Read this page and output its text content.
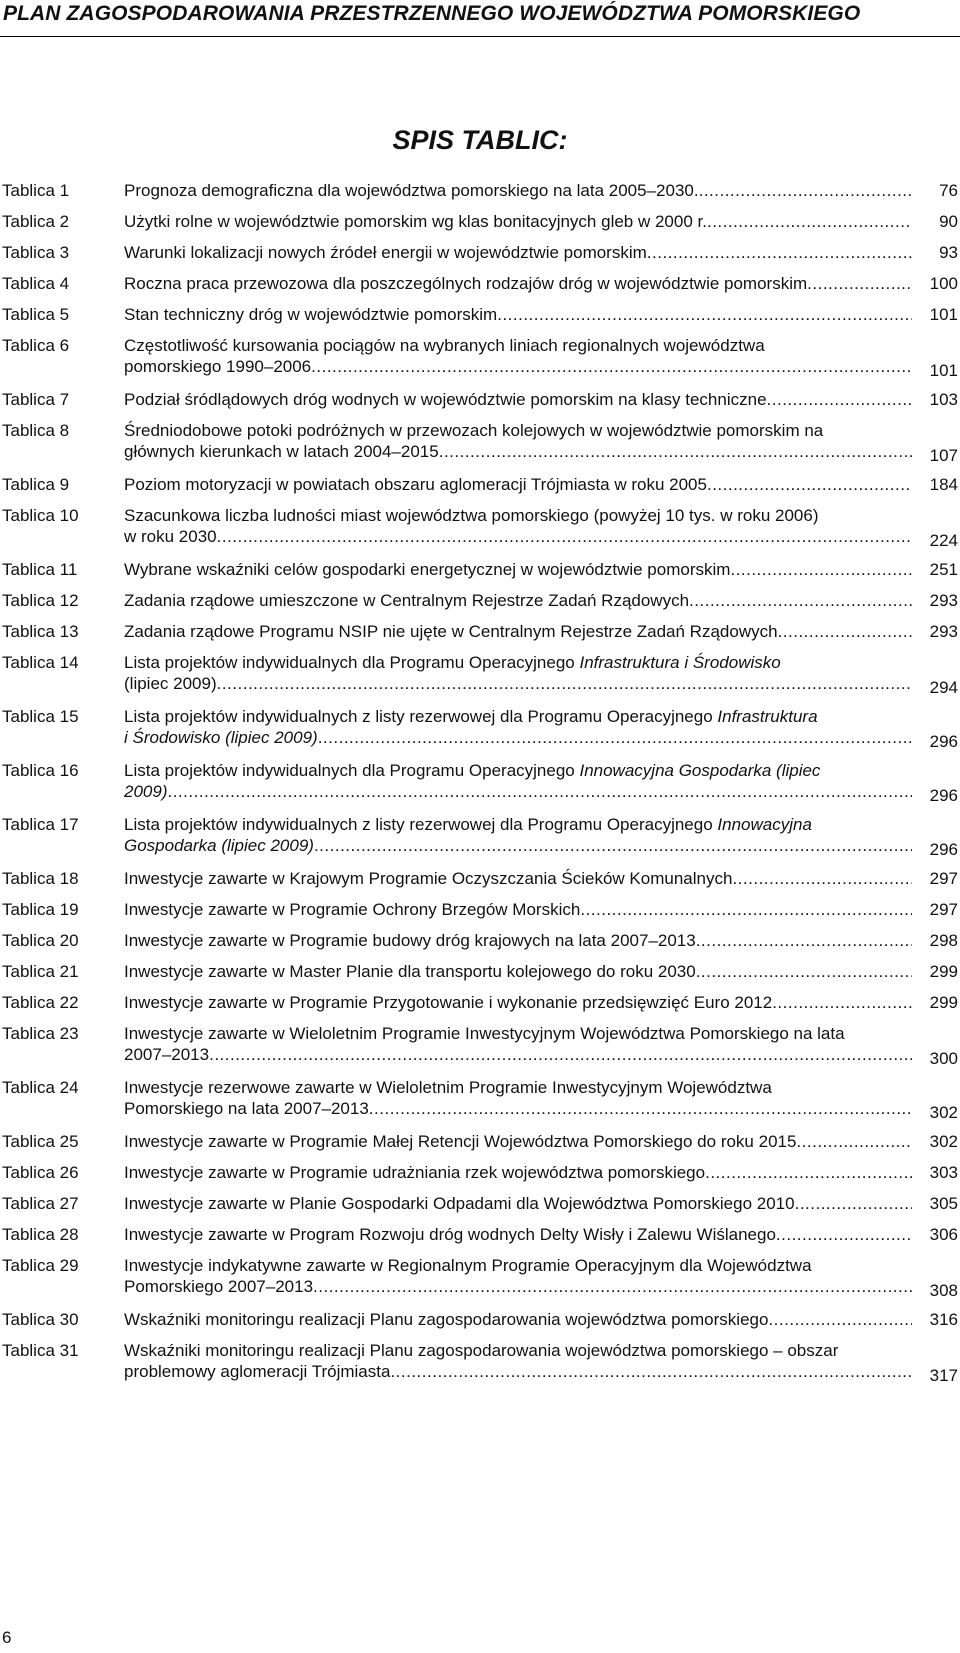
PLAN ZAGOSPODAROWANIA PRZESTRZENNEGO WOJEWÓDZTWA POMORSKIEGO
SPIS TABLIC:
Tablica 1	Prognoza demograficzna dla województwa pomorskiego na lata 2005–2030. .....	76
Tablica 2	Użytki rolne w województwie pomorskim wg klas bonitacyjnych gleb w 2000 r. .....	90
Tablica 3	Warunki lokalizacji nowych źródeł energii w województwie pomorskim .....	93
Tablica 4	Roczna praca przewozowa dla poszczególnych rodzajów dróg w województwie pomorskim .....	100
Tablica 5	Stan techniczny dróg w województwie pomorskim .....	101
Tablica 6	Częstotliwość kursowania pociągów na wybranych liniach regionalnych województwa
pomorskiego 1990–2006 .....	101
Tablica 7	Podział śródlądowych dróg wodnych w województwie pomorskim na klasy techniczne .....	103
Tablica 8	Średniodobowe potoki podróżnych w przewozach kolejowych w województwie pomorskim na
głównych kierunkach w latach 2004–2015 .....	107
Tablica 9	Poziom motoryzacji w powiatach obszaru aglomeracji Trójmiasta w roku 2005 .....	184
Tablica 10	Szacunkowa liczba ludności miast województwa pomorskiego (powyżej 10 tys. w roku 2006)
w roku 2030 .....	224
Tablica 11	Wybrane wskaźniki celów gospodarki energetycznej w województwie pomorskim .....	251
Tablica 12	Zadania rządowe umieszczone w Centralnym Rejestrze Zadań Rządowych .....	293
Tablica 13	Zadania rządowe Programu NSIP nie ujęte w Centralnym Rejestrze Zadań Rządowych .....	293
Tablica 14	Lista projektów indywidualnych dla Programu Operacyjnego Infrastruktura i Środowisko
(lipiec 2009) .....	294
Tablica 15	Lista projektów indywidualnych z listy rezerwowej dla Programu Operacyjnego Infrastruktura
i Środowisko (lipiec 2009) .....	296
Tablica 16	Lista projektów indywidualnych dla Programu Operacyjnego Innowacyjna Gospodarka (lipiec
2009) .....	296
Tablica 17	Lista projektów indywidualnych z listy rezerwowej dla Programu Operacyjnego Innowacyjna
Gospodarka (lipiec 2009) .....	296
Tablica 18	Inwestycje zawarte w Krajowym Programie Oczyszczania Ścieków Komunalnych .....	297
Tablica 19	Inwestycje zawarte w Programie Ochrony Brzegów Morskich .....	297
Tablica 20	Inwestycje zawarte w Programie budowy dróg krajowych na lata 2007–2013 .....	298
Tablica 21	Inwestycje zawarte w Master Planie dla transportu kolejowego do roku 2030 .....	299
Tablica 22	Inwestycje zawarte w Programie Przygotowanie i wykonanie przedsięwzięć Euro 2012 .....	299
Tablica 23	Inwestycje zawarte w Wieloletnim Programie Inwestycyjnym Województwa Pomorskiego na lata
2007–2013 .....	300
Tablica 24	Inwestycje rezerwowe zawarte w Wieloletnim Programie Inwestycyjnym Województwa
Pomorskiego na lata 2007–2013 .....	302
Tablica 25	Inwestycje zawarte w Programie Małej Retencji Województwa Pomorskiego do roku 2015 .....	302
Tablica 26	Inwestycje zawarte w Programie udrażniania rzek województwa pomorskiego .....	303
Tablica 27	Inwestycje zawarte w Planie Gospodarki Odpadami dla Województwa Pomorskiego 2010 .....	305
Tablica 28	Inwestycje zawarte w Program Rozwoju dróg wodnych Delty Wisły i Zalewu Wiślanego .....	306
Tablica 29	Inwestycje indykatywne zawarte w Regionalnym Programie Operacyjnym dla Województwa
Pomorskiego 2007–2013 .....	308
Tablica 30	Wskaźniki monitoringu realizacji Planu zagospodarowania województwa pomorskiego .....	316
Tablica 31	Wskaźniki monitoringu realizacji Planu zagospodarowania województwa pomorskiego – obszar
problemowy aglomeracji Trójmiasta .....	317
6
